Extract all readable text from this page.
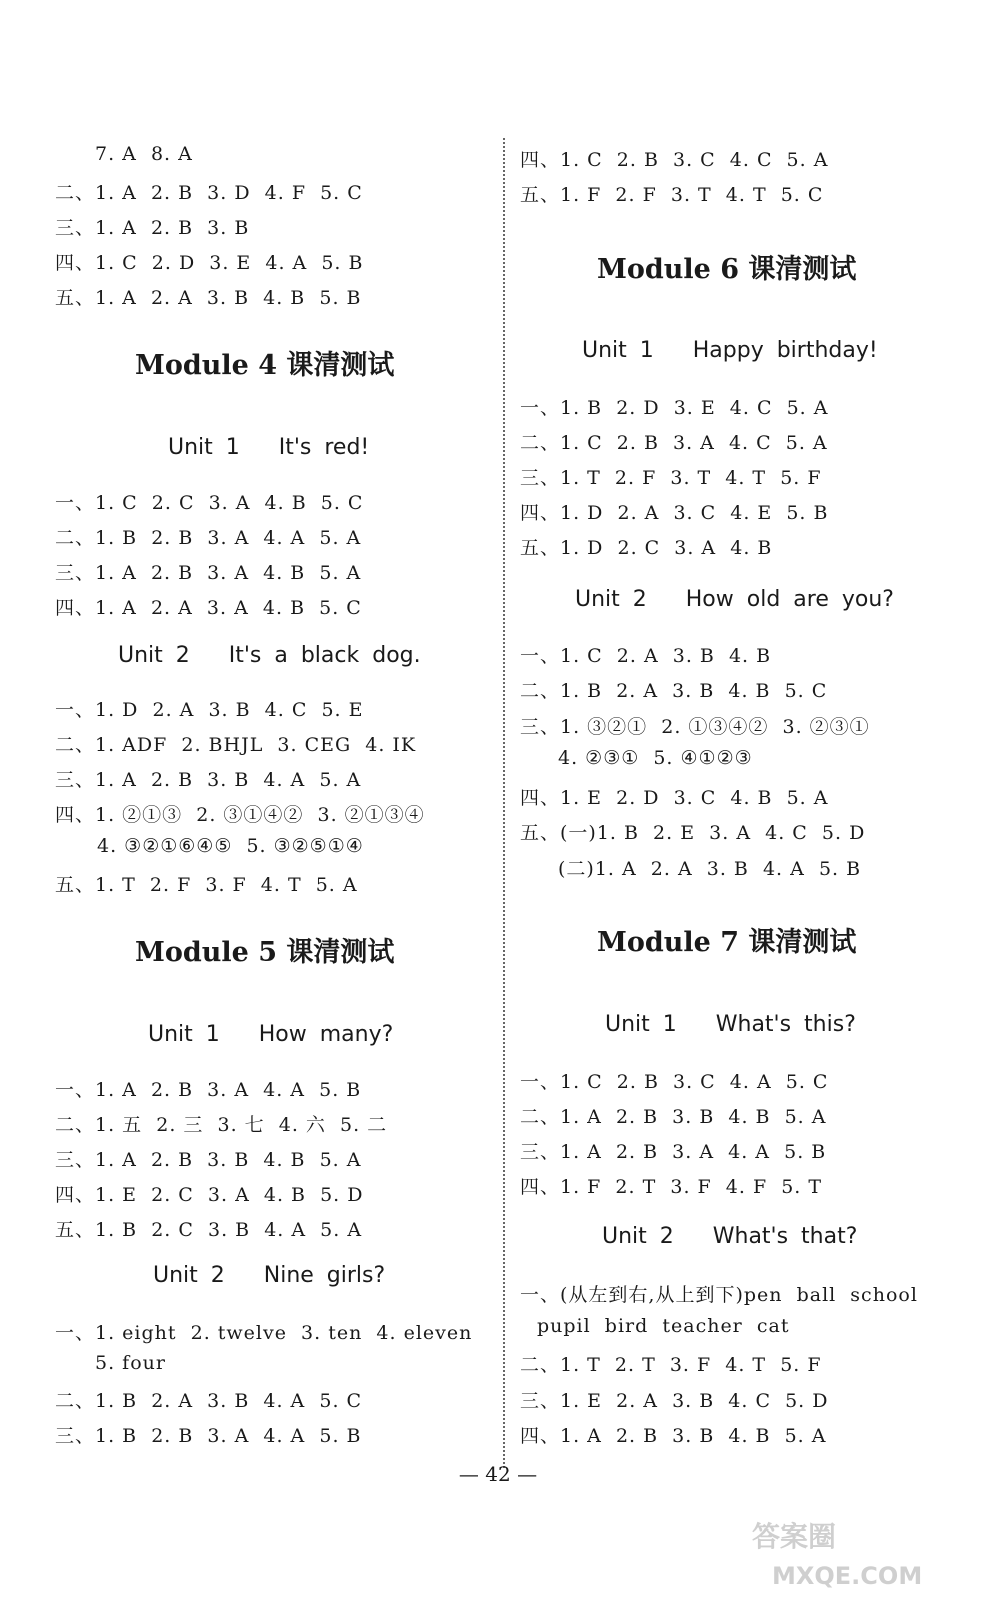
7. A  8. A
二、1. A  2. B  3. D  4. F  5. C
三、1. A  2. B  3. B
四、1. C  2. D  3. E  4. A  5. B
五、1. A  2. A  3. B  4. B  5. B
Module 4 课清测试
Unit 1   It's red!
一、1. C  2. C  3. A  4. B  5. C
二、1. B  2. B  3. A  4. A  5. A
三、1. A  2. B  3. A  4. B  5. A
四、1. A  2. A  3. A  4. B  5. C
Unit 2   It's a black dog.
一、1. D  2. A  3. B  4. C  5. E
二、1. ADF  2. BHJL  3. CEG  4. IK
三、1. A  2. B  3. B  4. A  5. A
四、1. ②①③  2. ③①④②  3. ②①③④
4. ③②①⑥④⑤  5. ③②⑤①④
五、1. T  2. F  3. F  4. T  5. A
Module 5 课清测试
Unit 1   How many?
一、1. A  2. B  3. A  4. A  5. B
二、1. 五  2. 三  3. 七  4. 六  5. 二
三、1. A  2. B  3. B  4. B  5. A
四、1. E  2. C  3. A  4. B  5. D
五、1. B  2. C  3. B  4. A  5. A
Unit 2   Nine girls?
一、1. eight  2. twelve  3. ten  4. eleven
5. four
二、1. B  2. A  3. B  4. A  5. C
三、1. B  2. B  3. A  4. A  5. B
四、1. C  2. B  3. C  4. C  5. A
五、1. F  2. F  3. T  4. T  5. C
Module 6 课清测试
Unit 1   Happy birthday!
一、1. B  2. D  3. E  4. C  5. A
二、1. C  2. B  3. A  4. C  5. A
三、1. T  2. F  3. T  4. T  5. F
四、1. D  2. A  3. C  4. E  5. B
五、1. D  2. C  3. A  4. B
Unit 2   How old are you?
一、1. C  2. A  3. B  4. B
二、1. B  2. A  3. B  4. B  5. C
三、1. ③②①  2. ①③④②  3. ②③①
4. ②③①  5. ④①②③
四、1. E  2. D  3. C  4. B  5. A
五、(一)1. B  2. E  3. A  4. C  5. D
(二)1. A  2. A  3. B  4. A  5. B
Module 7 课清测试
Unit 1   What's this?
一、1. C  2. B  3. C  4. A  5. C
二、1. A  2. B  3. B  4. B  5. A
三、1. A  2. B  3. A  4. A  5. B
四、1. F  2. T  3. F  4. F  5. T
Unit 2   What's that?
一、(从左到右,从上到下)pen  ball  school
pupil  bird  teacher  cat
二、1. T  2. T  3. F  4. T  5. F
三、1. E  2. A  3. B  4. C  5. D
四、1. A  2. B  3. B  4. B  5. A
— 42 —
答案圈
MXQE.COM
